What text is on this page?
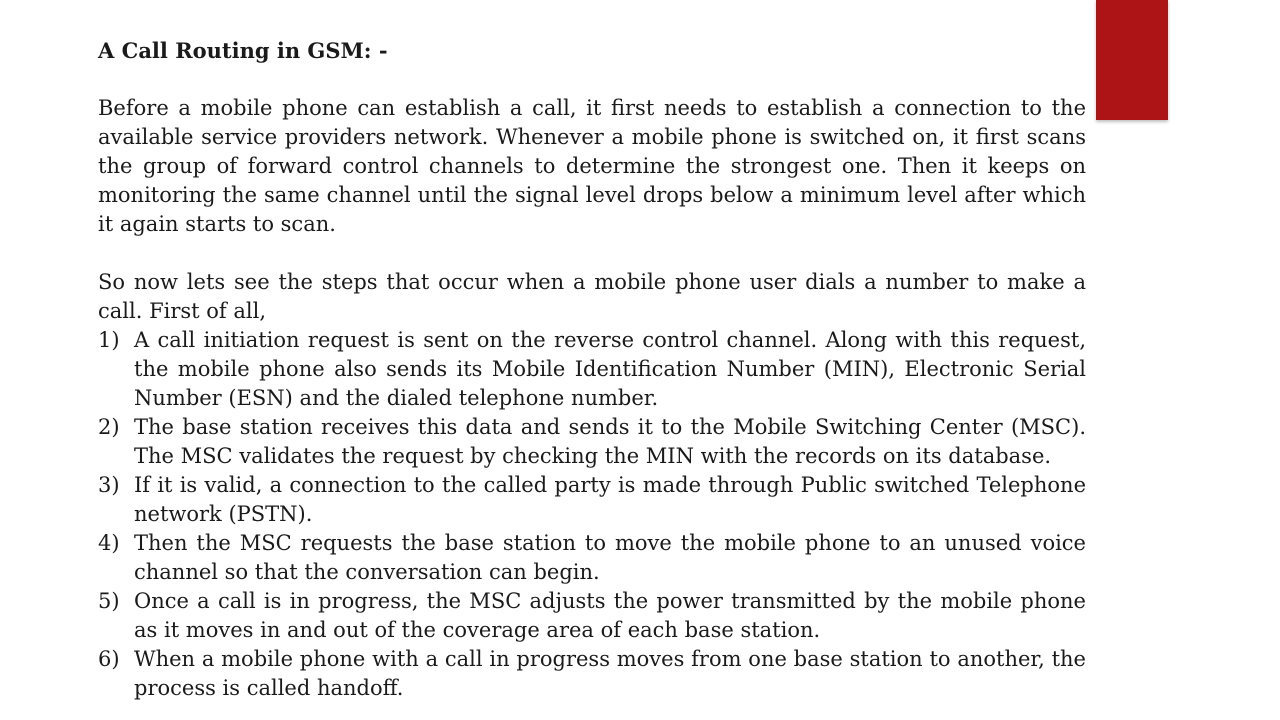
A Call Routing in GSM: -

Before a mobile phone can establish a call, it first needs to establish a connection to the available service providers network. Whenever a mobile phone is switched on, it first scans the group of forward control channels to determine the strongest one. Then it keeps on monitoring the same channel until the signal level drops below a minimum level after which it again starts to scan.

So now lets see the steps that occur when a mobile phone user dials a number to make a call. First of all,

1) A call initiation request is sent on the reverse control channel. Along with this request, the mobile phone also sends its Mobile Identification Number (MIN), Electronic Serial Number (ESN) and the dialed telephone number.
2) The base station receives this data and sends it to the Mobile Switching Center (MSC). The MSC validates the request by checking the MIN with the records on its database.
3) If it is valid, a connection to the called party is made through Public switched Telephone network (PSTN).
4) Then the MSC requests the base station to move the mobile phone to an unused voice channel so that the conversation can begin.
5) Once a call is in progress, the MSC adjusts the power transmitted by the mobile phone as it moves in and out of the coverage area of each base station.
6) When a mobile phone with a call in progress moves from one base station to another, the process is called handoff.
